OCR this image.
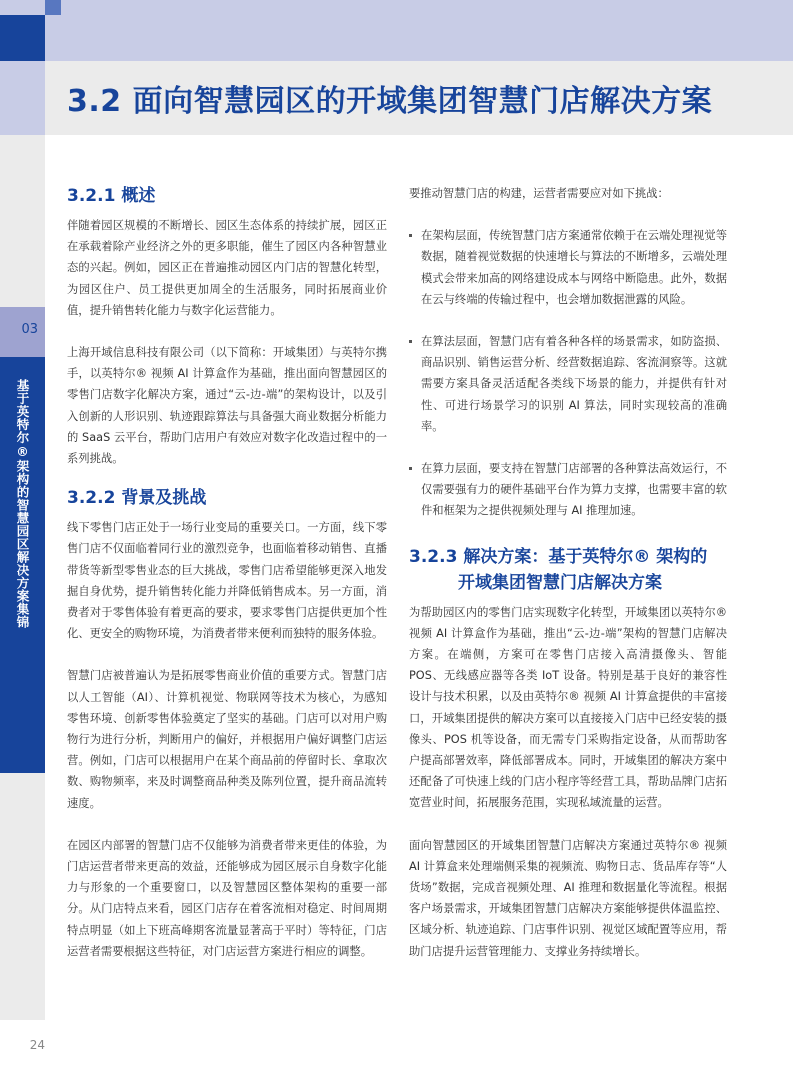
3.2 面向智慧园区的开域集团智慧门店解决方案
03
基于英特尔®架构的智慧园区解决方案集锦
24
3.2.1 概述

伴随着园区规模的不断增长、园区生态体系的持续扩展，园区正在承载着除产业经济之外的更多职能，催生了园区内各种智慧业态的兴起。例如，园区正在普遍推动园区内门店的智慧化转型，为园区住户、员工提供更加周全的生活服务，同时拓展商业价值，提升销售转化能力与数字化运营能力。

上海开域信息科技有限公司（以下简称：开域集团）与英特尔携手，以英特尔® 视频 AI 计算盒作为基础，推出面向智慧园区的零售门店数字化解决方案，通过“云-边-端”的架构设计，以及引入创新的人形识别、轨迹跟踪算法与具备强大商业数据分析能力的 SaaS 云平台，帮助门店用户有效应对数字化改造过程中的一系列挑战。

3.2.2 背景及挑战

线下零售门店正处于一场行业变局的重要关口。一方面，线下零售门店不仅面临着同行业的激烈竞争，也面临着移动销售、直播带货等新型零售业态的巨大挑战，零售门店希望能够更深入地发掘自身优势，提升销售转化能力并降低销售成本。另一方面，消费者对于零售体验有着更高的要求，要求零售门店提供更加个性化、更安全的购物环境，为消费者带来便利而独特的服务体验。

智慧门店被普遍认为是拓展零售商业价值的重要方式。智慧门店以人工智能（AI）、计算机视觉、物联网等技术为核心，为感知零售环境、创新零售体验奠定了坚实的基础。门店可以对用户购物行为进行分析，判断用户的偏好，并根据用户偏好调整门店运营。例如，门店可以根据用户在某个商品前的停留时长、拿取次数、购物频率，来及时调整商品种类及陈列位置，提升商品流转速度。

在园区内部署的智慧门店不仅能够为消费者带来更佳的体验，为门店运营者带来更高的效益，还能够成为园区展示自身数字化能力与形象的一个重要窗口，以及智慧园区整体架构的重要一部分。从门店特点来看，园区门店存在着客流相对稳定、时间周期特点明显（如上下班高峰期客流量显著高于平时）等特征，门店运营者需要根据这些特征，对门店运营方案进行相应的调整。

要推动智慧门店的构建，运营者需要应对如下挑战：

在架构层面，传统智慧门店方案通常依赖于在云端处理视觉等数据，随着视觉数据的快速增长与算法的不断增多，云端处理模式会带来加高的网络建设成本与网络中断隐患。此外，数据在云与终端的传输过程中，也会增加数据泄露的风险。
在算法层面，智慧门店有着各种各样的场景需求，如防盗损、商品识别、销售运营分析、经营数据追踪、客流洞察等。这就需要方案具备灵活适配各类线下场景的能力，并提供有针对性、可进行场景学习的识别 AI 算法，同时实现较高的准确率。
在算力层面，要支持在智慧门店部署的各种算法高效运行，不仅需要强有力的硬件基础平台作为算力支撑，也需要丰富的软件和框架为之提供视频处理与 AI 推理加速。
3.2.3 解决方案：基于英特尔® 架构的
开域集团智慧门店解决方案

为帮助园区内的零售门店实现数字化转型，开域集团以英特尔® 视频 AI 计算盒作为基础，推出“云-边-端”架构的智慧门店解决方案。在端侧，方案可在零售门店接入高清摄像头、智能 POS、无线感应器等各类 IoT 设备。特别是基于良好的兼容性设计与技术积累，以及由英特尔® 视频 AI 计算盒提供的丰富接口，开域集团提供的解决方案可以直接接入门店中已经安装的摄像头、POS 机等设备，而无需专门采购指定设备，从而帮助客户提高部署效率，降低部署成本。同时，开域集团的解决方案中还配备了可快速上线的门店小程序等经营工具，帮助品牌门店拓宽营业时间，拓展服务范围，实现私域流量的运营。

面向智慧园区的开域集团智慧门店解决方案通过英特尔® 视频 AI 计算盒来处理端侧采集的视频流、购物日志、货品库存等“人货场”数据，完成音视频处理、AI 推理和数据量化等流程。根据客户场景需求，开域集团智慧门店解决方案能够提供体温监控、区域分析、轨迹追踪、门店事件识别、视觉区域配置等应用，帮助门店提升运营管理能力、支撑业务持续增长。
